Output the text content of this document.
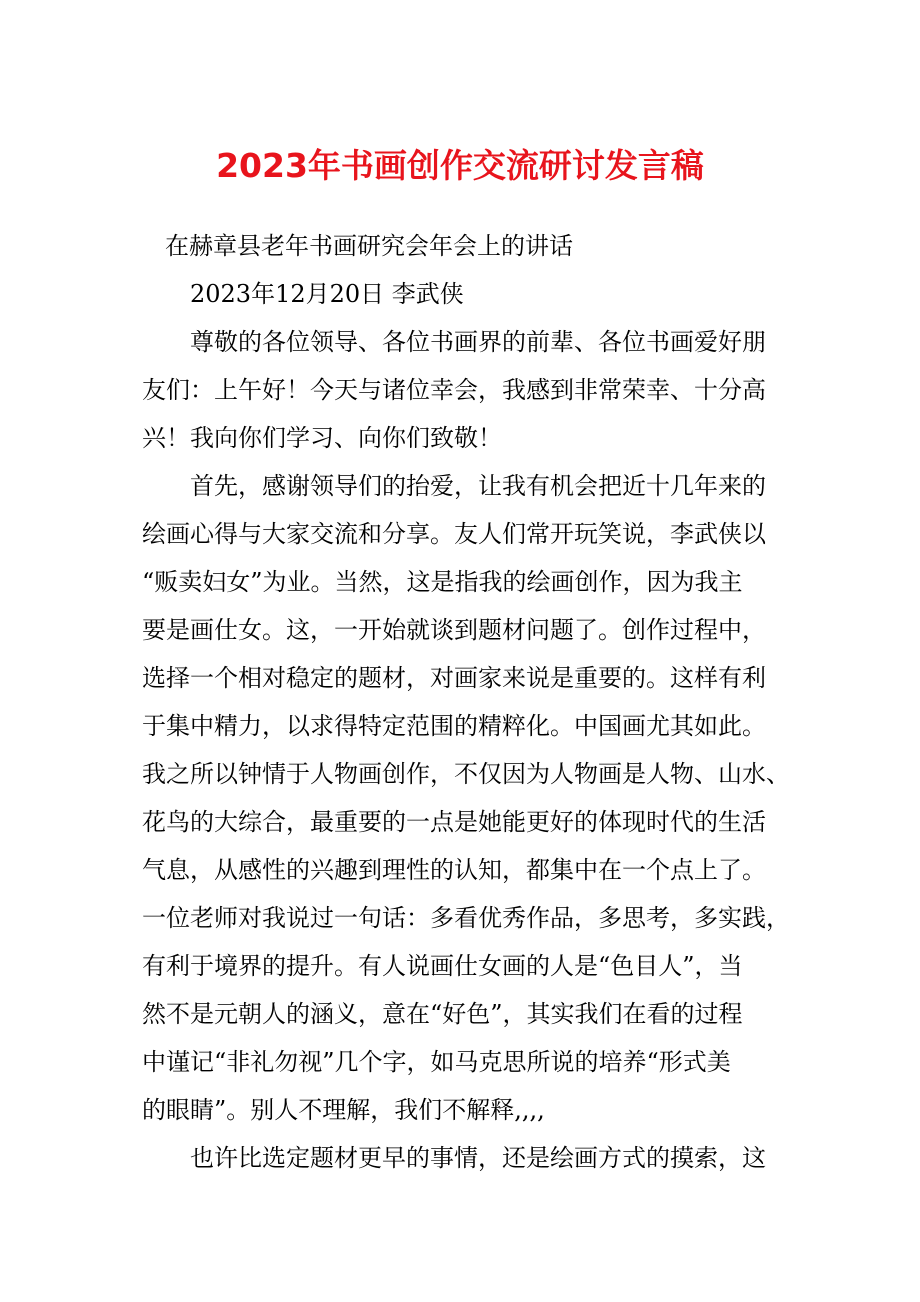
2023年书画创作交流研讨发言稿
在赫章县老年书画研究会年会上的讲话
2023年12月20日 李武侠
尊敬的各位领导、各位书画界的前辈、各位书画爱好朋
友们：上午好！今天与诸位幸会，我感到非常荣幸、十分高
兴！我向你们学习、向你们致敬！
首先，感谢领导们的抬爱，让我有机会把近十几年来的
绘画心得与大家交流和分享。友人们常开玩笑说，李武侠以
“贩卖妇女”为业。当然，这是指我的绘画创作，因为我主
要是画仕女。这，一开始就谈到题材问题了。创作过程中，
选择一个相对稳定的题材，对画家来说是重要的。这样有利
于集中精力，以求得特定范围的精粹化。中国画尤其如此。
我之所以钟情于人物画创作，不仅因为人物画是人物、山水、
花鸟的大综合，最重要的一点是她能更好的体现时代的生活
气息，从感性的兴趣到理性的认知，都集中在一个点上了。
一位老师对我说过一句话：多看优秀作品，多思考，多实践，
有利于境界的提升。有人说画仕女画的人是“色目人”，当
然不是元朝人的涵义，意在“好色”，其实我们在看的过程
中谨记“非礼勿视”几个字，如马克思所说的培养“形式美
的眼睛”。别人不理解，我们不解释,,,,
也许比选定题材更早的事情，还是绘画方式的摸索，这
